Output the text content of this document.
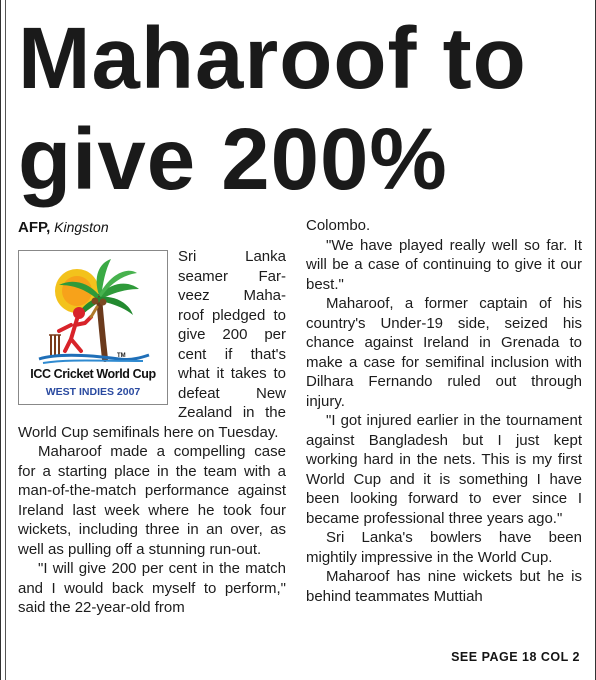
Maharoof to
give 200%
AFP, Kingston
TM
ICC Cricket World Cup
WEST INDIES 2007

Sri Lanka
seamer Far-
veez Maha-
roof pledged to
give 200 per
cent if that's
what it takes to
defeat New
Zealand in the
World Cup semifinals here on Tuesday.

Maharoof made a compelling case for a starting place in the team with a man-of-the-match performance against Ireland last week where he took four wickets, including three in an over, as well as pulling off a stunning run-out.

"I will give 200 per cent in the match and I would back myself to perform," said the 22-year-old from

Colombo.

"We have played really well so far. It will be a case of continuing to give it our best."

Maharoof, a former captain of his country's Under-19 side, seized his chance against Ireland in Grenada to make a case for semifinal inclusion with Dilhara Fernando ruled out through injury.

"I got injured earlier in the tournament against Bangladesh but I just kept working hard in the nets. This is my first World Cup and it is something I have been looking forward to ever since I became professional three years ago."

Sri Lanka's bowlers have been mightily impressive in the World Cup.

Maharoof has nine wickets but he is behind teammates Muttiah

SEE PAGE 18 COL 2
